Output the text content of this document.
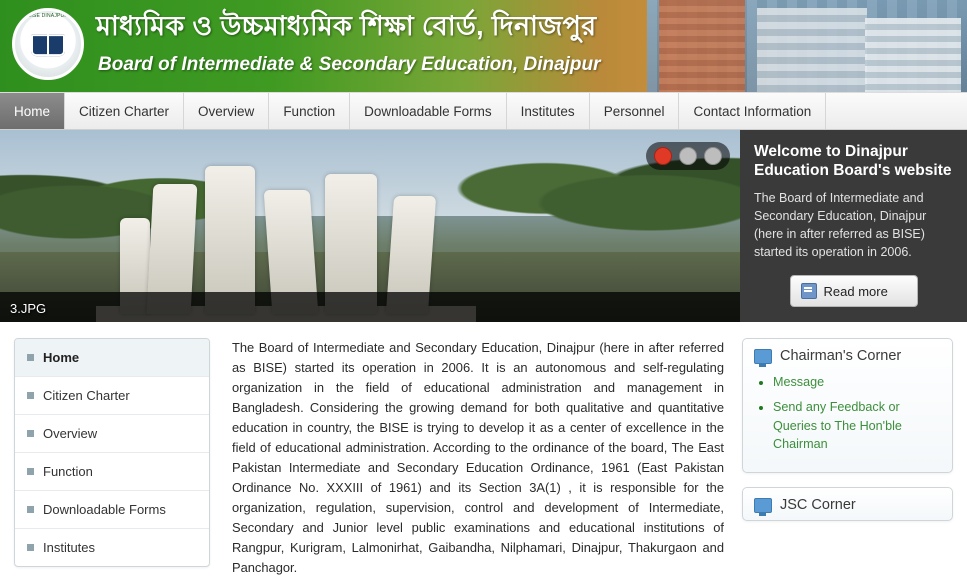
BISE DINAJPUR	মাধ্যমিক ও উচ্চমাধ্যমিক শিক্ষা বোর্ড, দিনাজপুর
Board of Intermediate & Secondary Education, Dinajpur
Home	Citizen Charter	Overview	Function	Downloadable Forms	Institutes	Personnel	Contact Information
3.JPG
Welcome to Dinajpur Education Board's website

The Board of Intermediate and Secondary Education, Dinajpur (here in after referred as BISE) started its operation in 2006.

Read more
Home
Citizen Charter
Overview
Function
Downloadable Forms
Institutes

The Board of Intermediate and Secondary Education, Dinajpur (here in after referred as BISE) started its operation in 2006. It is an autonomous and self-regulating organization in the field of educational administration and management in Bangladesh. Considering the growing demand for both qualitative and quantitative education in country, the BISE is trying to develop it as a center of excellence in the field of educational administration. According to the ordinance of the board, The East Pakistan Intermediate and Secondary Education Ordinance, 1961 (East Pakistan Ordinance No. XXXIII of 1961) and its Section 3A(1) , it is responsible for the organization, regulation, supervision, control and development of Intermediate, Secondary and Junior level public examinations and educational institutions of Rangpur, Kurigram, Lalmonirhat, Gaibandha, Nilphamari, Dinajpur, Thakurgaon and Panchagor.

Chairman's Corner
• Message
• Send any Feedback or Queries to The Hon'ble Chairman
JSC Corner
